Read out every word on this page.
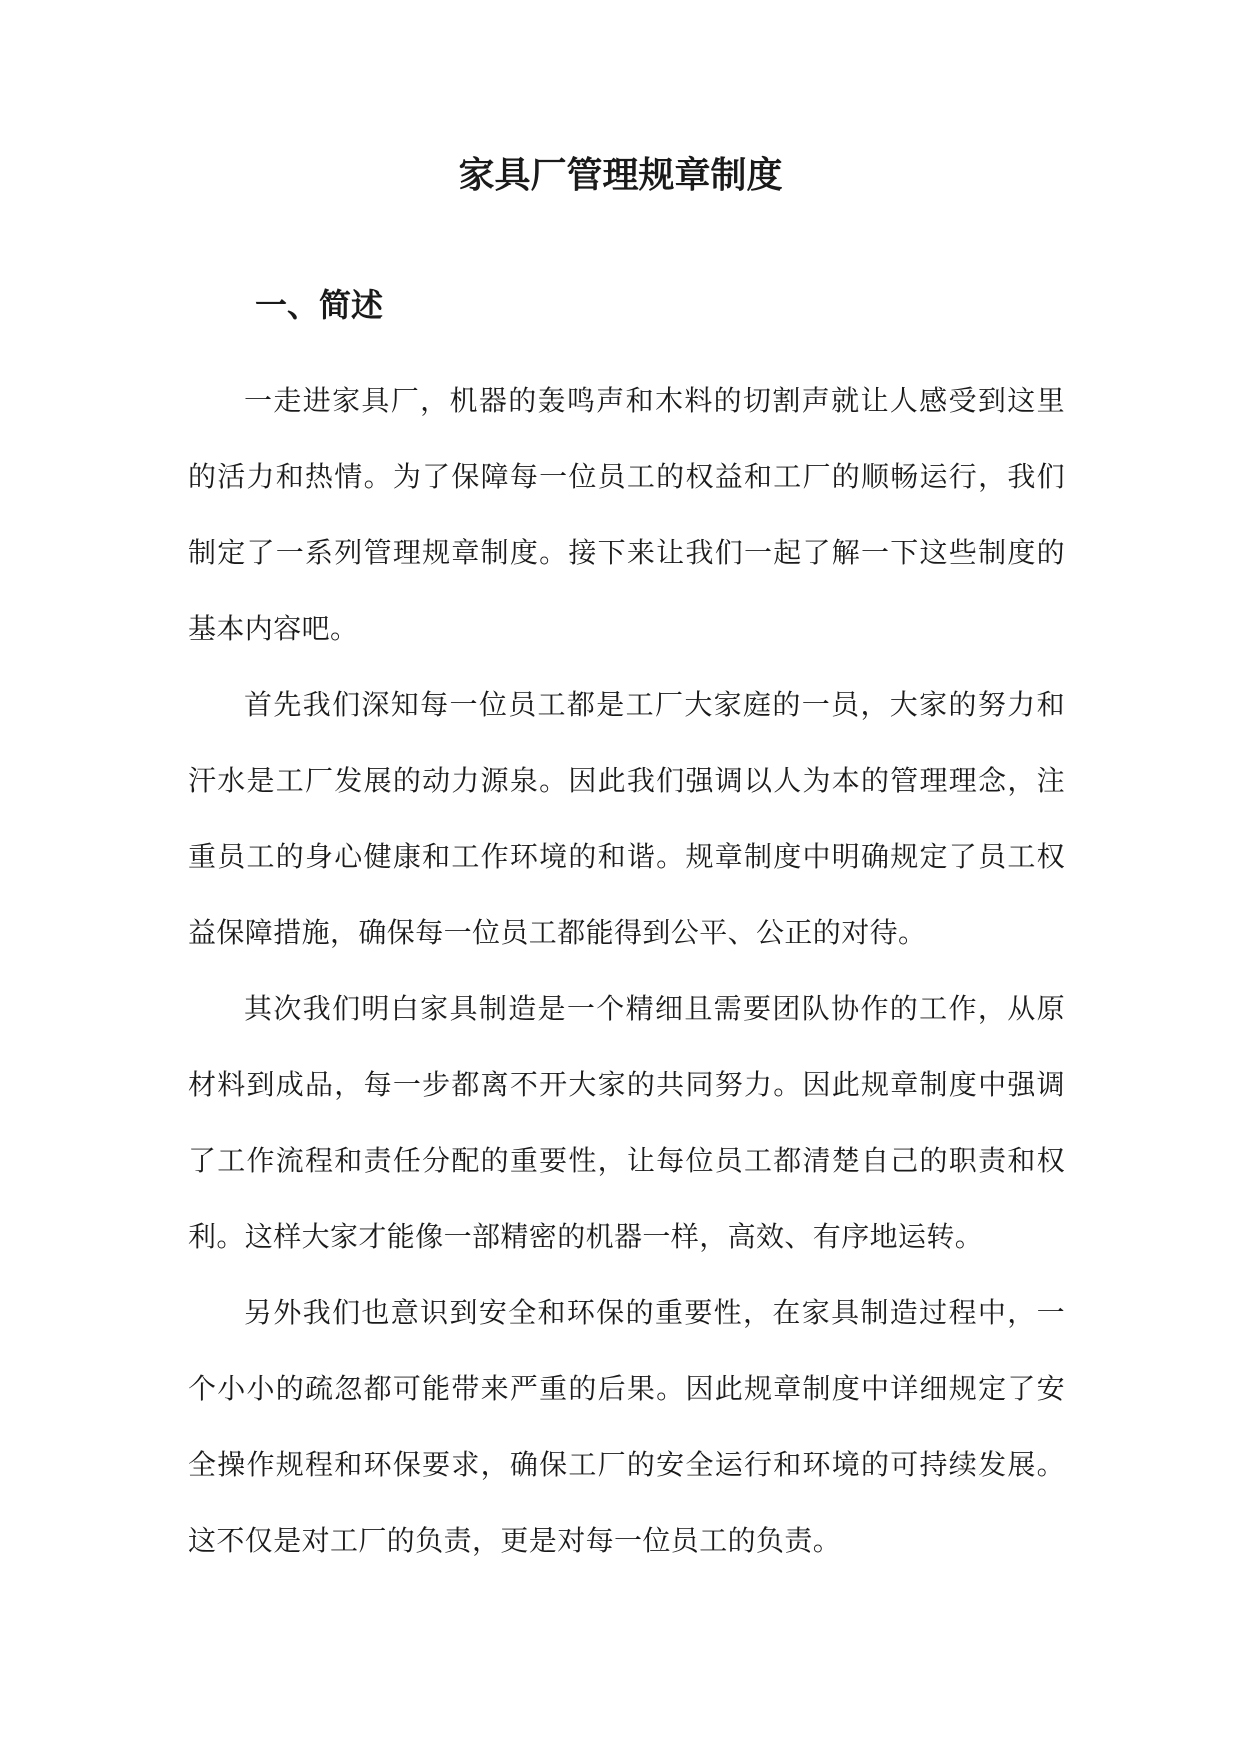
家具厂管理规章制度
一、简述

一走进家具厂，机器的轰鸣声和木料的切割声就让人感受到这里的活力和热情。为了保障每一位员工的权益和工厂的顺畅运行，我们制定了一系列管理规章制度。接下来让我们一起了解一下这些制度的基本内容吧。

首先我们深知每一位员工都是工厂大家庭的一员，大家的努力和汗水是工厂发展的动力源泉。因此我们强调以人为本的管理理念，注重员工的身心健康和工作环境的和谐。规章制度中明确规定了员工权益保障措施，确保每一位员工都能得到公平、公正的对待。

其次我们明白家具制造是一个精细且需要团队协作的工作，从原材料到成品，每一步都离不开大家的共同努力。因此规章制度中强调了工作流程和责任分配的重要性，让每位员工都清楚自己的职责和权利。这样大家才能像一部精密的机器一样，高效、有序地运转。

另外我们也意识到安全和环保的重要性，在家具制造过程中，一个小小的疏忽都可能带来严重的后果。因此规章制度中详细规定了安全操作规程和环保要求，确保工厂的安全运行和环境的可持续发展。这不仅是对工厂的负责，更是对每一位员工的负责。
